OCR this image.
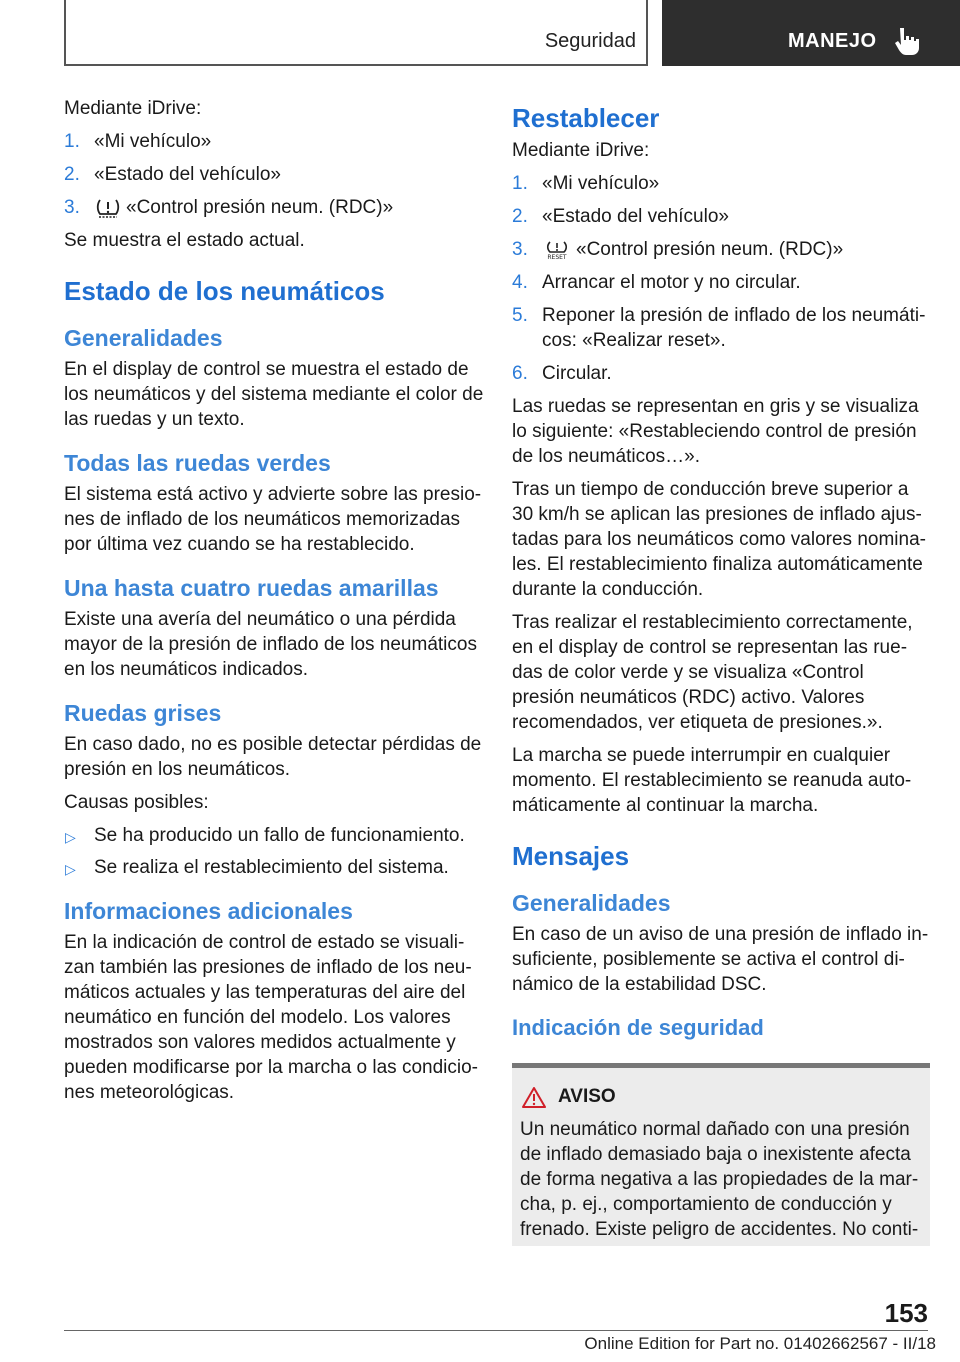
Seguridad	MANEJO

Mediante iDrive:

1. «Mi vehículo»
2. «Estado del vehículo»
3. «Control presión neum. (RDC)»

Se muestra el estado actual.

Estado de los neumáticos
Generalidades

En el display de control se muestra el estado de los neumáticos y del sistema mediante el color de las ruedas y un texto.

Todas las ruedas verdes

El sistema está activo y advierte sobre las presiones de inflado de los neumáticos memorizadas por última vez cuando se ha restablecido.

Una hasta cuatro ruedas amarillas

Existe una avería del neumático o una pérdida mayor de la presión de inflado de los neumáticos en los neumáticos indicados.

Ruedas grises

En caso dado, no es posible detectar pérdidas de presión en los neumáticos.

Causas posibles:

▷ Se ha producido un fallo de funcionamiento.
▷ Se realiza el restablecimiento del sistema.
Informaciones adicionales

En la indicación de control de estado se visualizan también las presiones de inflado de los neumáticos actuales y las temperaturas del aire del neumático en función del modelo. Los valores mostrados son valores medidos actualmente y pueden modificarse por la marcha o las condiciones meteorológicas.

Restablecer

Mediante iDrive:

1. «Mi vehículo»
2. «Estado del vehículo»
3.	RESET «Control presión neum. (RDC)»
4. Arrancar el motor y no circular.
5. Reponer la presión de inflado de los neumáticos: «Realizar reset».
6. Circular.

Las ruedas se representan en gris y se visualiza lo siguiente: «Restableciendo control de presión de los neumáticos…».

Tras un tiempo de conducción breve superior a 30 km/h se aplican las presiones de inflado ajustadas para los neumáticos como valores nominales. El restablecimiento finaliza automáticamente durante la conducción.

Tras realizar el restablecimiento correctamente, en el display de control se representan las ruedas de color verde y se visualiza «Control presión neumáticos (RDC) activo. Valores recomendados, ver etiqueta de presiones.».

La marcha se puede interrumpir en cualquier momento. El restablecimiento se reanuda automáticamente al continuar la marcha.

Mensajes
Generalidades

En caso de un aviso de una presión de inflado insuficiente, posiblemente se activa el control dinámico de la estabilidad DSC.

Indicación de seguridad
AVISO

Un neumático normal dañado con una presión de inflado demasiado baja o inexistente afecta de forma negativa a las propiedades de la marcha, p. ej., comportamiento de conducción y frenado. Existe peligro de accidentes. No conti-

153
Online Edition for Part no. 01402662567 - II/18
